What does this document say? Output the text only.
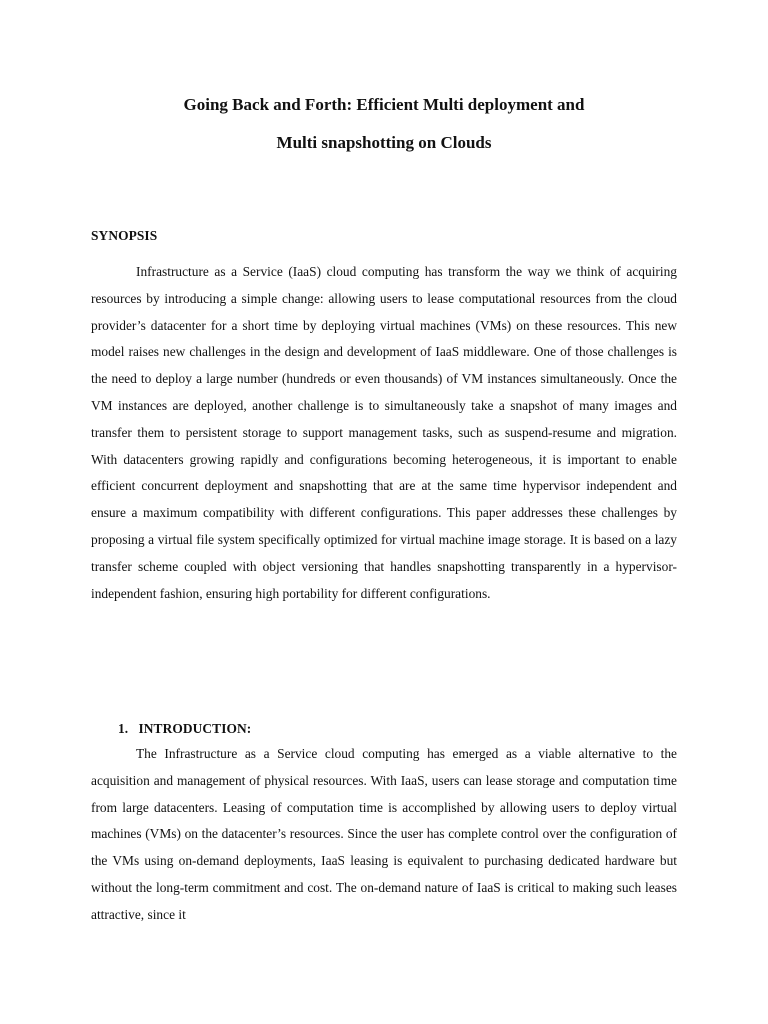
Going Back and Forth: Efficient Multi deployment and
Multi snapshotting on Clouds
SYNOPSIS

Infrastructure as a Service (IaaS) cloud computing has transform the way we think of acquiring resources by introducing a simple change: allowing users to lease computational resources from the cloud provider’s datacenter for a short time by deploying virtual machines (VMs) on these resources. This new model raises new challenges in the design and development of IaaS middleware. One of those challenges is the need to deploy a large number (hundreds or even thousands) of VM instances simultaneously. Once the VM instances are deployed, another challenge is to simultaneously take a snapshot of many images and transfer them to persistent storage to support management tasks, such as suspend-resume and migration. With datacenters growing rapidly and configurations becoming heterogeneous, it is important to enable efficient concurrent deployment and snapshotting that are at the same time hypervisor independent and ensure a maximum compatibility with different configurations. This paper addresses these challenges by proposing a virtual file system specifically optimized for virtual machine image storage. It is based on a lazy transfer scheme coupled with object versioning that handles snapshotting transparently in a hypervisor-independent fashion, ensuring high portability for different configurations.

1. INTRODUCTION:

The Infrastructure as a Service cloud computing has emerged as a viable alternative to the acquisition and management of physical resources. With IaaS, users can lease storage and computation time from large datacenters. Leasing of computation time is accomplished by allowing users to deploy virtual machines (VMs) on the datacenter’s resources. Since the user has complete control over the configuration of the VMs using on-demand deployments, IaaS leasing is equivalent to purchasing dedicated hardware but without the long-term commitment and cost. The on-demand nature of IaaS is critical to making such leases attractive, since it
